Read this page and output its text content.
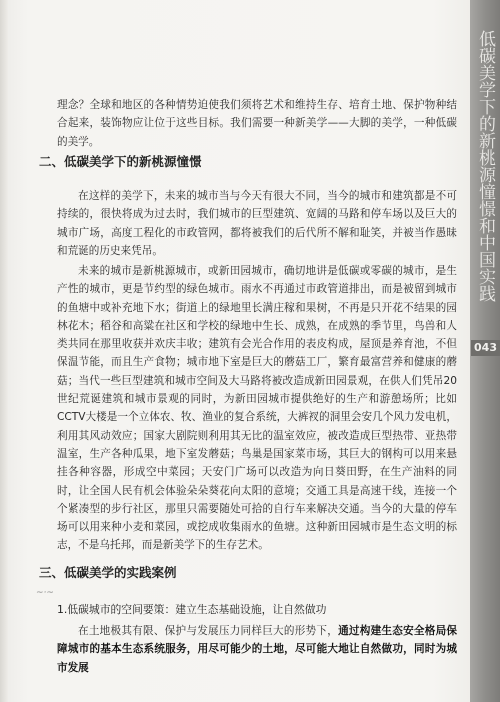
低碳美学下的新桃源憧憬和中国实践
043

理念？全球和地区的各种情势迫使我们须将艺术和维持生存、培育土地、保护物种结合起来，装饰物应让位于这些目标。我们需要一种新美学——大脚的美学，一种低碳的美学。

二、低碳美学下的新桃源憧憬

在这样的美学下，未来的城市当与今天有很大不同，当今的城市和建筑都是不可持续的，很快将成为过去时，我们城市的巨型建筑、宽阔的马路和停车场以及巨大的城市广场，高度工程化的市政管网，都将被我们的后代所不解和耻笑，并被当作愚昧和荒诞的历史来凭吊。

未来的城市是新桃源城市，或新田园城市，确切地讲是低碳或零碳的城市，是生产性的城市，更是节约型的绿色城市。雨水不再通过市政管道排出，而是被留到城市的鱼塘中或补充地下水；街道上的绿地里长满庄稼和果树，不再是只开花不结果的园林花木；稻谷和高粱在社区和学校的绿地中生长、成熟，在成熟的季节里，鸟兽和人类共同在那里收获并欢庆丰收；建筑有会光合作用的表皮构成，屋顶是养育池，不但保温节能，而且生产食物；城市地下室是巨大的蘑菇工厂，繁育最富营养和健康的蘑菇；当代一些巨型建筑和城市空间及大马路将被改造成新田园景观，在供人们凭吊20世纪荒诞建筑和城市景观的同时，为新田园城市提供绝好的生产和游憩场所；比如CCTV大楼是一个立体农、牧、渔业的复合系统，大裤衩的洞里会安几个风力发电机，利用其风动效应；国家大剧院则利用其无比的温室效应，被改造成巨型热带、亚热带温室，生产各种瓜果，地下室发蘑菇；鸟巢是国家菜市场，其巨大的钢构可以用来悬挂各种容器，形成空中菜园；天安门广场可以改造为向日葵田野，在生产油料的同时，让全国人民有机会体验朵朵葵花向太阳的意境；交通工具是高速干线，连接一个个紧凑型的步行社区，那里只需要随处可拾的自行车来解决交通。当今的大量的停车场可以用来种小麦和菜园，或挖成收集雨水的鱼塘。这种新田园城市是生态文明的标志，不是乌托邦，而是新美学下的生存艺术。

三、低碳美学的实践案例
~·~

1.低碳城市的空间要策：建立生态基础设施，让自然做功

在土地极其有限、保护与发展压力同样巨大的形势下，通过构建生态安全格局保障城市的基本生态系统服务，用尽可能少的土地，尽可能大地让自然做功，同时为城市发展
